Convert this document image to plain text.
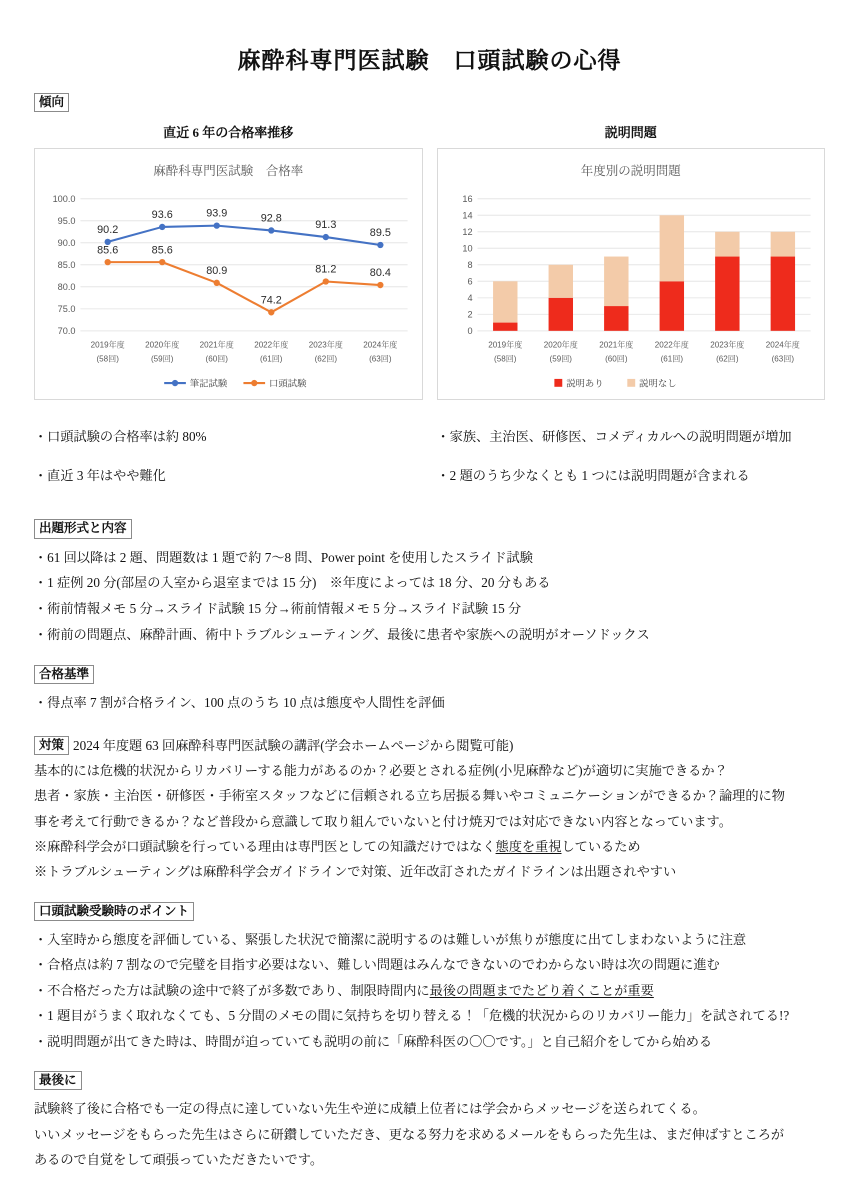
麻酔科専門医試験　口頭試験の心得
傾向
直近 6 年の合格率推移
麻酔科専門医試験　合格率
100.0
95.0
90.0
85.0
80.0
75.0
70.0
2019年度
(58回)
2020年度
(59回)
2021年度
(60回)
2022年度
(61回)
2023年度
(62回)
2024年度
(63回)
90.2
93.6	93.9	92.8
91.3
89.5
85.6	85.6
80.9
74.2
81.2	80.4
筆記試験	口頭試験
説明問題
年度別の説明問題
16
14
12
10
8
6
4
2
0
2019年度
(58回)
2020年度
(59回)
2021年度
(60回)
2022年度
(61回)
2023年度
(62回)
2024年度
(63回)
説明あり	説明なし

・口頭試験の合格率は約 80%

・直近 3 年はやや難化

・家族、主治医、研修医、コメディカルへの説明問題が増加

・2 題のうち少なくとも 1 つには説明問題が含まれる

出題形式と内容

・61 回以降は 2 題、問題数は 1 題で約 7〜8 問、Power point を使用したスライド試験

・1 症例 20 分(部屋の入室から退室までは 15 分)　※年度によっては 18 分、20 分もある

・術前情報メモ 5 分→スライド試験 15 分→術前情報メモ 5 分→スライド試験 15 分

・術前の問題点、麻酔計画、術中トラブルシューティング、最後に患者や家族への説明がオーソドックス

合格基準

・得点率 7 割が合格ライン、100 点のうち 10 点は態度や人間性を評価

対策 2024 年度題 63 回麻酔科専門医試験の講評(学会ホームページから閲覧可能)

基本的には危機的状況からリカバリーする能力があるのか？必要とされる症例(小児麻酔など)が適切に実施できるか？

患者・家族・主治医・研修医・手術室スタッフなどに信頼される立ち居振る舞いやコミュニケーションができるか？論理的に物

事を考えて行動できるか？など普段から意識して取り組んでいないと付け焼刃では対応できない内容となっています。

※麻酔科学会が口頭試験を行っている理由は専門医としての知識だけではなく態度を重視しているため

※トラブルシューティングは麻酔科学会ガイドラインで対策、近年改訂されたガイドラインは出題されやすい

口頭試験受験時のポイント

・入室時から態度を評価している、緊張した状況で簡潔に説明するのは難しいが焦りが態度に出てしまわないように注意

・合格点は約 7 割なので完璧を目指す必要はない、難しい問題はみんなできないのでわからない時は次の問題に進む

・不合格だった方は試験の途中で終了が多数であり、制限時間内に最後の問題までたどり着くことが重要

・1 題目がうまく取れなくても、5 分間のメモの間に気持ちを切り替える！「危機的状況からのリカバリー能力」を試されてる!?

・説明問題が出てきた時は、時間が迫っていても説明の前に「麻酔科医の〇〇です。」と自己紹介をしてから始める

最後に

試験終了後に合格でも一定の得点に達していない先生や逆に成績上位者には学会からメッセージを送られてくる。

いいメッセージをもらった先生はさらに研鑽していただき、更なる努力を求めるメールをもらった先生は、まだ伸ばすところが

あるので自覚をして頑張っていただきたいです。
